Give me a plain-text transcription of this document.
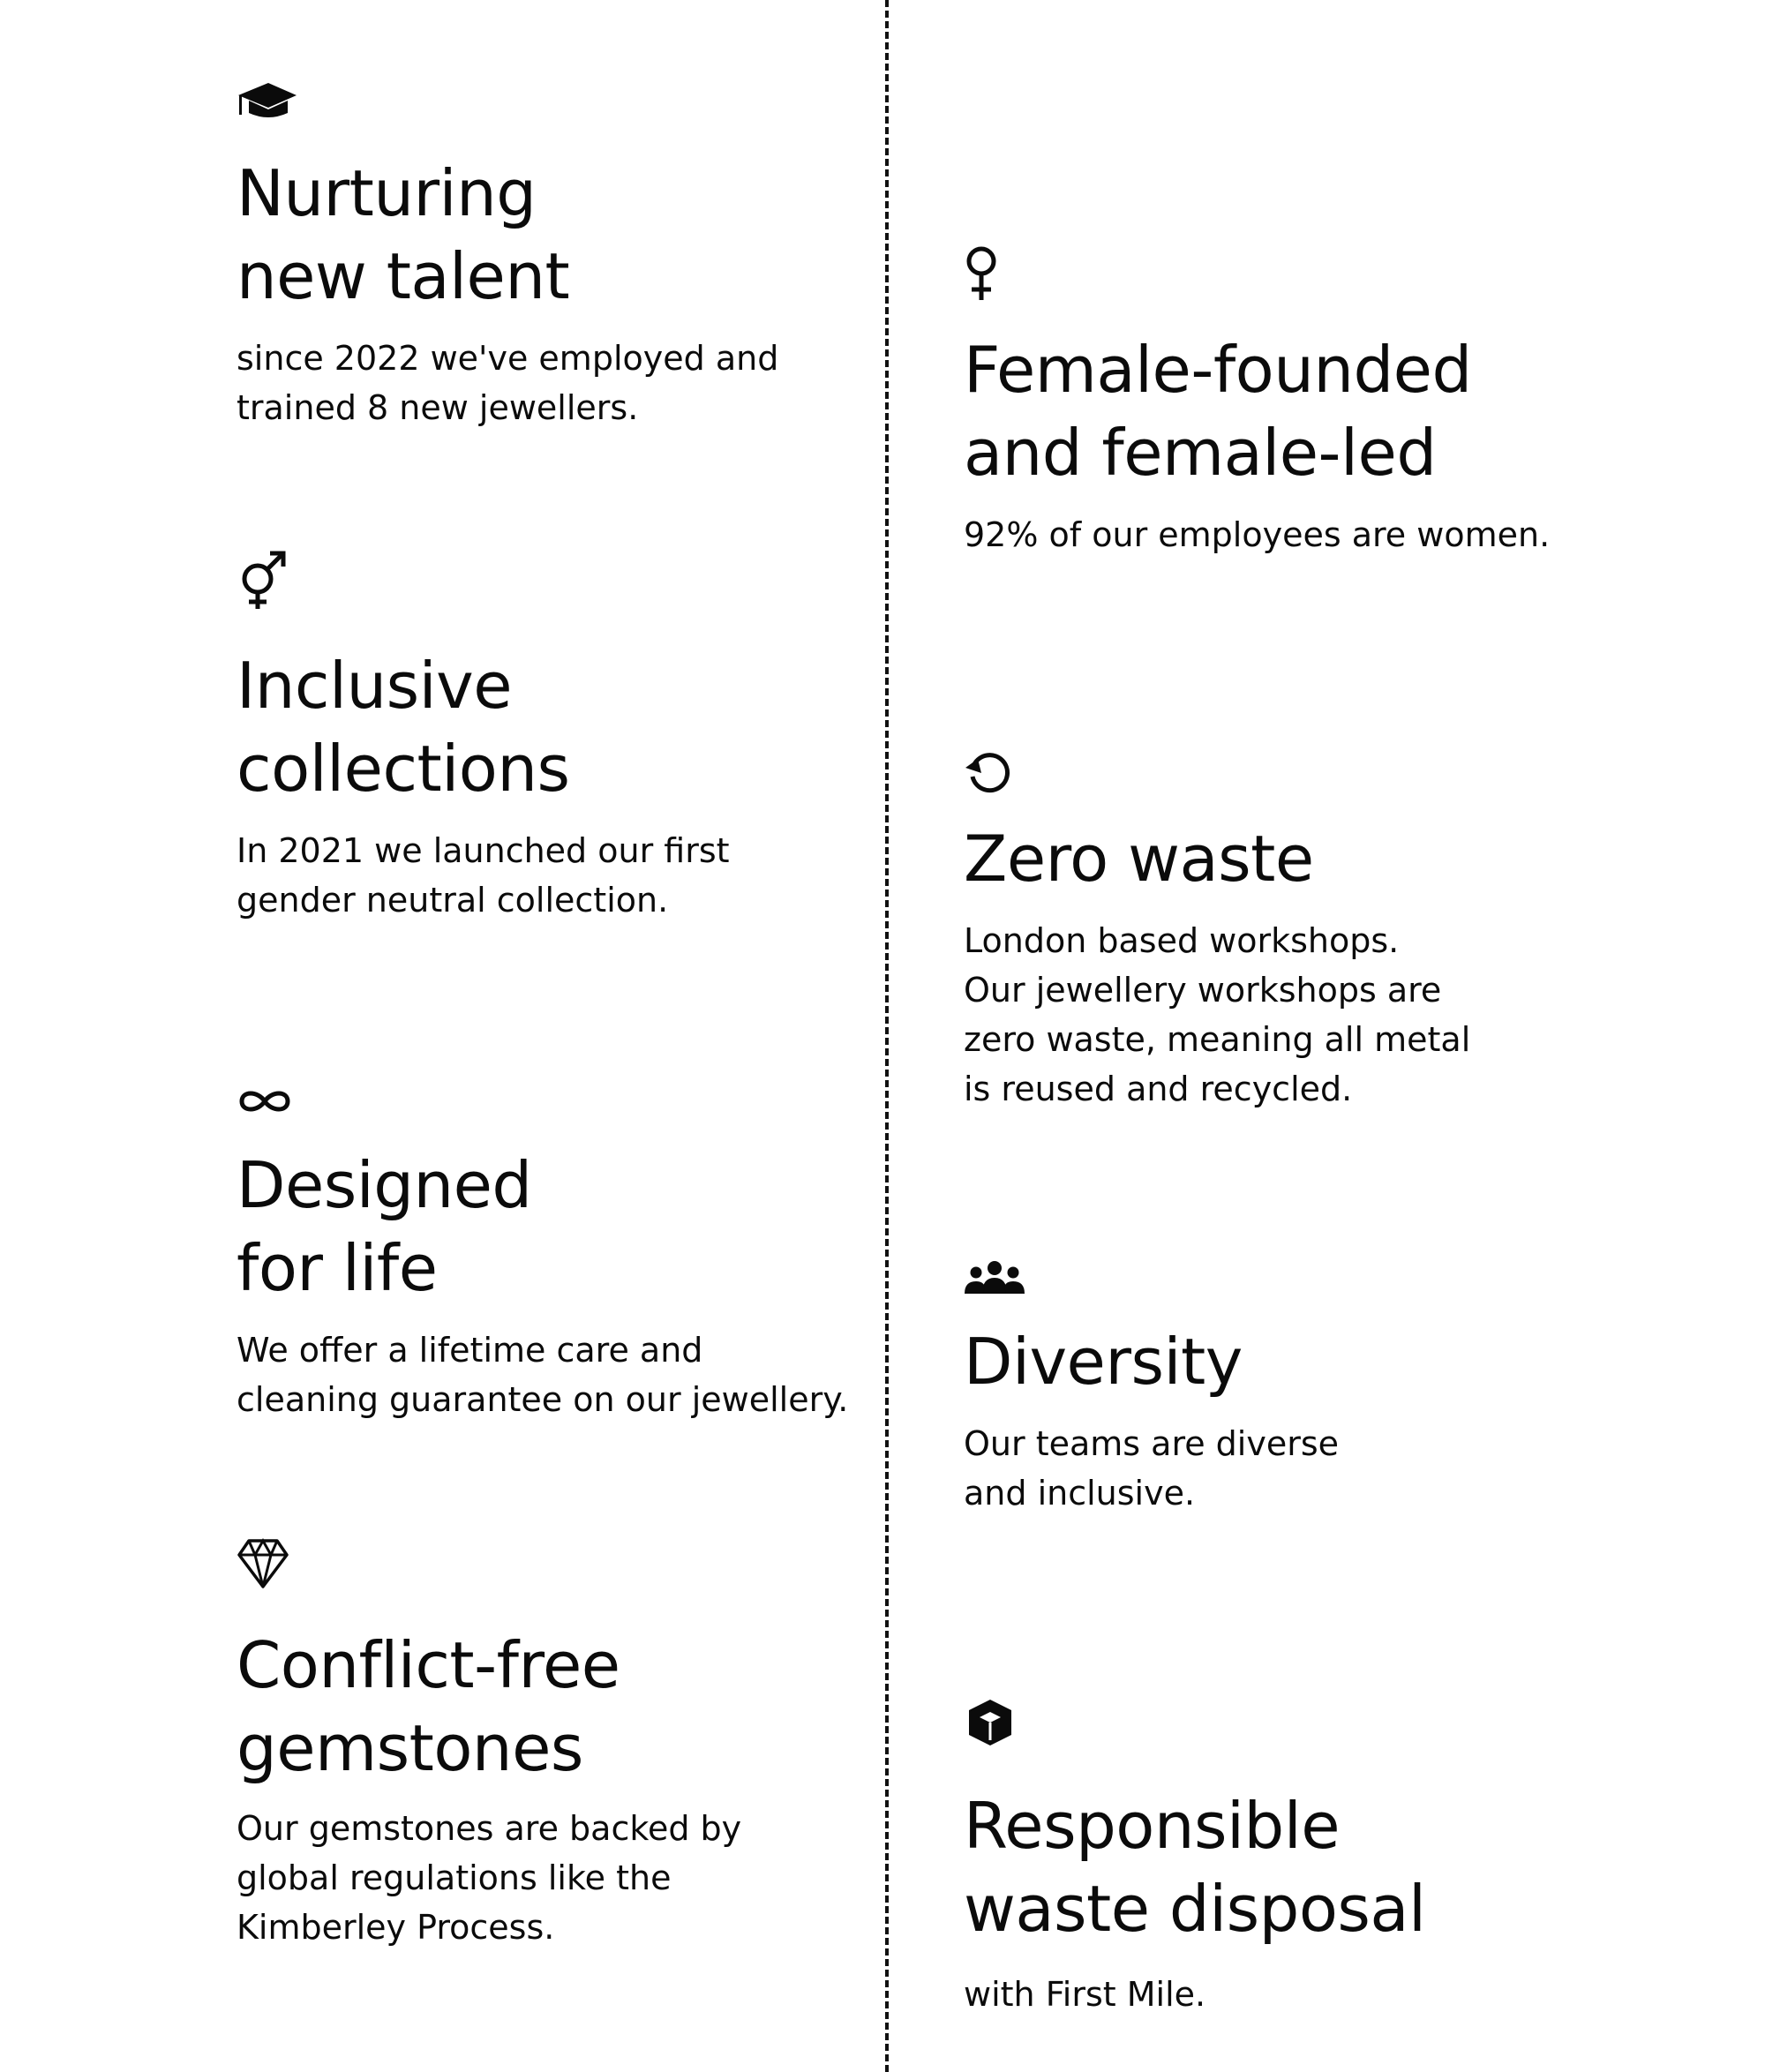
Nurturing
new talent

since 2022 we've employed and
trained 8 new jewellers.

Inclusive
collections

In 2021 we launched our first
gender neutral collection.

Designed
for life

We offer a lifetime care and
cleaning guarantee on our jewellery.

Conflict-free
gemstones

Our gemstones are backed by
global regulations like the
Kimberley Process.

Female-founded
and female-led

92% of our employees are women.

Zero waste

London based workshops.
Our jewellery workshops are
zero waste, meaning all metal
is reused and recycled.

Diversity

Our teams are diverse
and inclusive.

Responsible
waste disposal

with First Mile.
